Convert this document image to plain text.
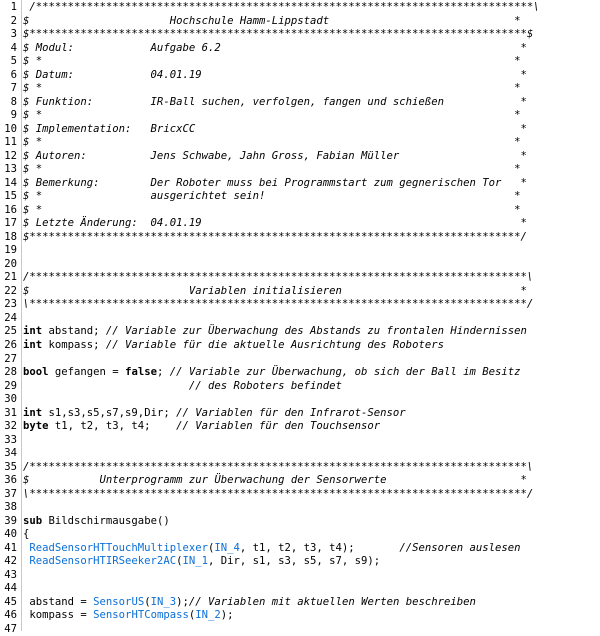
1 /******************************************************************************\
2 $                      Hochschule Hamm-Lippstadt                             *
3 $******************************************************************************$
4 $ Modul:            Aufgabe 6.2                                               *
5 $ *                                                                          *
6 $ Datum:            04.01.19                                                  *
7 $ *                                                                          *
8 $ Funktion:         IR-Ball suchen, verfolgen, fangen und schießen            *
9 $ *                                                                          *
10 $ Implementation:   BricxCC                                                   *
11 $ *                                                                          *
12 $ Autoren:          Jens Schwabe, Jahn Gross, Fabian Müller                   *
13 $ *                                                                          *
14 $ Bemerkung:        Der Roboter muss bei Programmstart zum gegnerischen Tor   *
15 $ *                 ausgerichtet sein!                                       *
16 $ *                                                                          *
17 $ Letzte Änderung:  04.01.19                                                  *
18 $*****************************************************************************/
19
20
21 /******************************************************************************\
22 $                         Variablen initialisieren                            *
23 \******************************************************************************/
24
25 int abstand; // Variable zur Überwachung des Abstands zu frontalen Hindernissen
26 int kompass; // Variable für die aktuelle Ausrichtung des Roboters
27
28 bool gefangen = false; // Variable zur Überwachung, ob sich der Ball im Besitz
29 // des Roboters befindet
30
31 int s1,s3,s5,s7,s9,Dir; // Variablen für den Infrarot-Sensor
32 byte t1, t2, t3, t4;    // Variablen für den Touchsensor
33
34
35 /******************************************************************************\
36 $           Unterprogramm zur Überwachung der Sensorwerte                     *
37 \******************************************************************************/
38
39 sub Bildschirmausgabe()
40 {
41 ReadSensorHTTouchMultiplexer(IN_4, t1, t2, t3, t4);       //Sensoren auslesen
42 ReadSensorHTIRSeeker2AC(IN_1, Dir, s1, s3, s5, s7, s9);
43
44
45 abstand = SensorUS(IN_3);// Variablen mit aktuellen Werten beschreiben
46 kompass = SensorHTCompass(IN_2);
47
